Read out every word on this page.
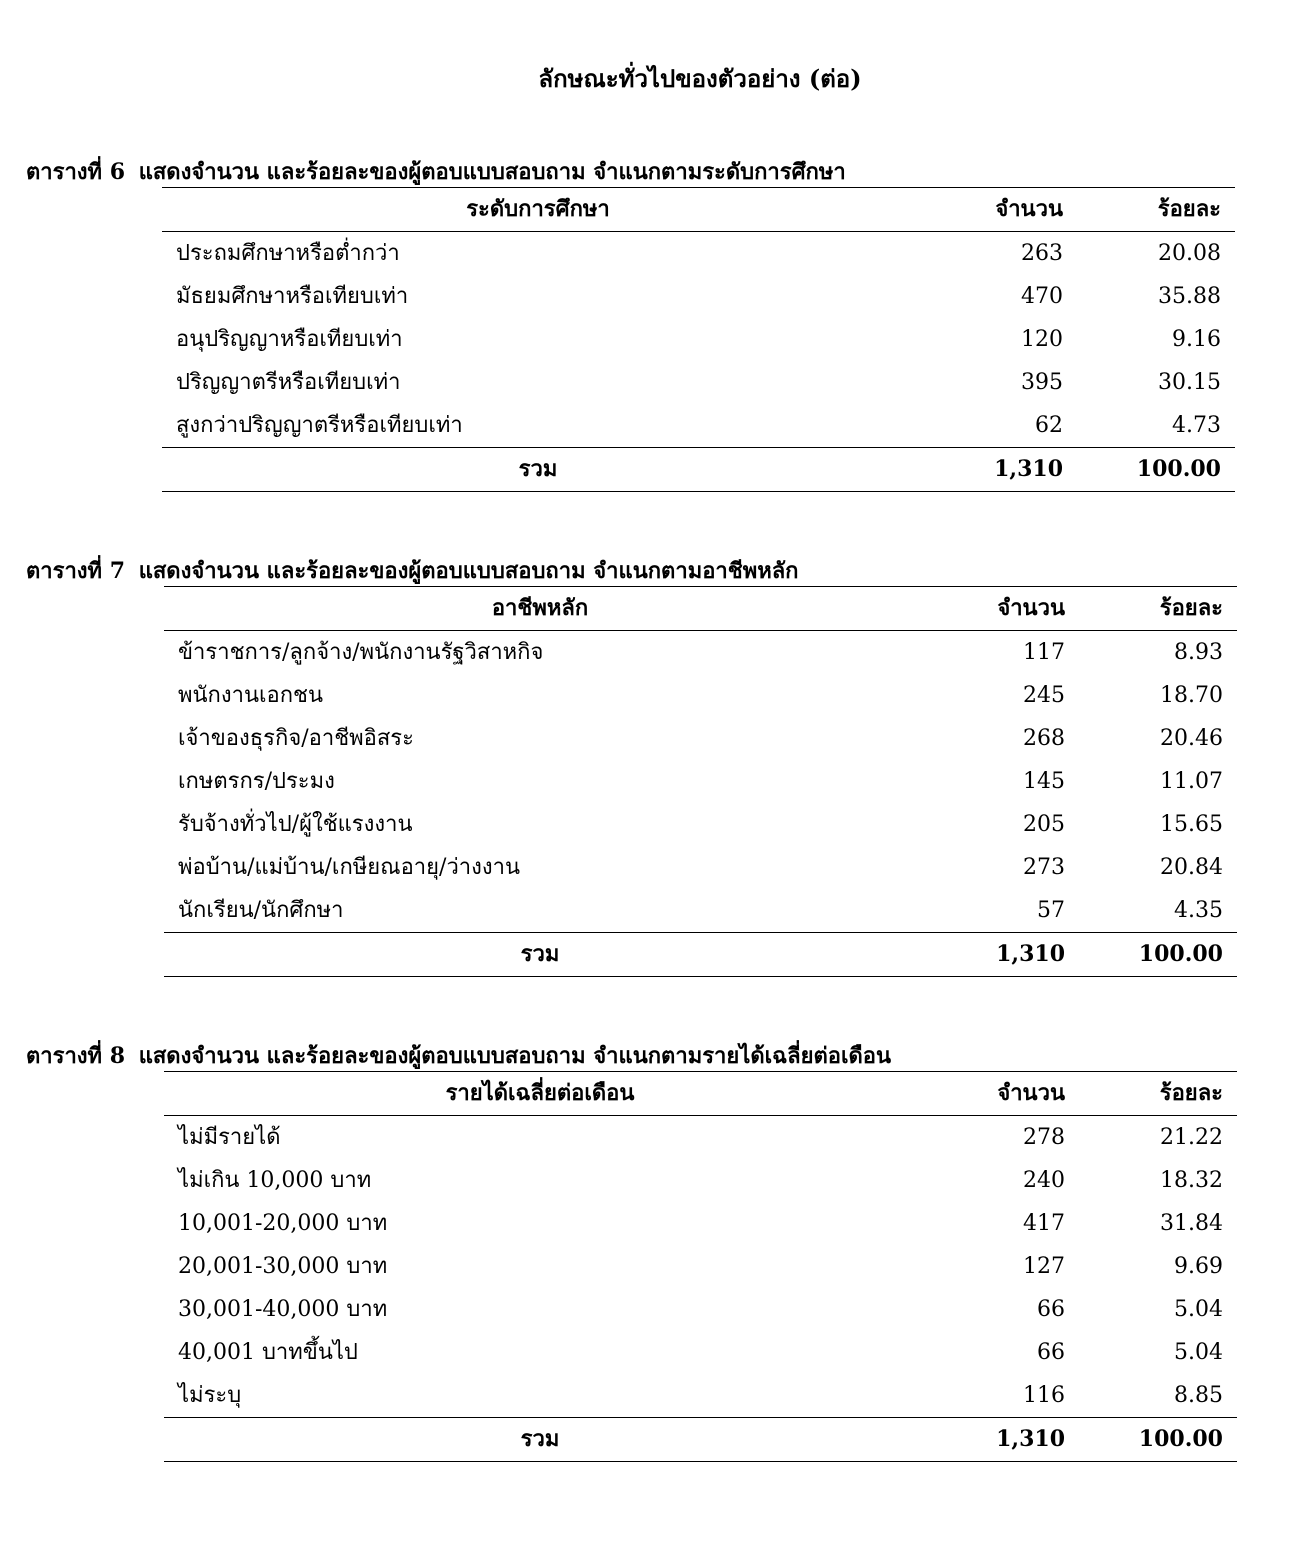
ลักษณะทั่วไปของตัวอย่าง (ต่อ)
ตารางที่ 6 แสดงจำนวน และร้อยละของผู้ตอบแบบสอบถาม จำแนกตามระดับการศึกษา
ระดับการศึกษา	จำนวน	ร้อยละ
ประถมศึกษาหรือต่ำกว่า	263	20.08
มัธยมศึกษาหรือเทียบเท่า	470	35.88
อนุปริญญาหรือเทียบเท่า	120	9.16
ปริญญาตรีหรือเทียบเท่า	395	30.15
สูงกว่าปริญญาตรีหรือเทียบเท่า	62	4.73
รวม	1,310	100.00
ตารางที่ 7 แสดงจำนวน และร้อยละของผู้ตอบแบบสอบถาม จำแนกตามอาชีพหลัก
อาชีพหลัก	จำนวน	ร้อยละ
ข้าราชการ/ลูกจ้าง/พนักงานรัฐวิสาหกิจ	117	8.93
พนักงานเอกชน	245	18.70
เจ้าของธุรกิจ/อาชีพอิสระ	268	20.46
เกษตรกร/ประมง	145	11.07
รับจ้างทั่วไป/ผู้ใช้แรงงาน	205	15.65
พ่อบ้าน/แม่บ้าน/เกษียณอายุ/ว่างงาน	273	20.84
นักเรียน/นักศึกษา	57	4.35
รวม	1,310	100.00
ตารางที่ 8 แสดงจำนวน และร้อยละของผู้ตอบแบบสอบถาม จำแนกตามรายได้เฉลี่ยต่อเดือน
รายได้เฉลี่ยต่อเดือน	จำนวน	ร้อยละ
ไม่มีรายได้	278	21.22
ไม่เกิน 10,000 บาท	240	18.32
10,001-20,000 บาท	417	31.84
20,001-30,000 บาท	127	9.69
30,001-40,000 บาท	66	5.04
40,001 บาทขึ้นไป	66	5.04
ไม่ระบุ	116	8.85
รวม	1,310	100.00
